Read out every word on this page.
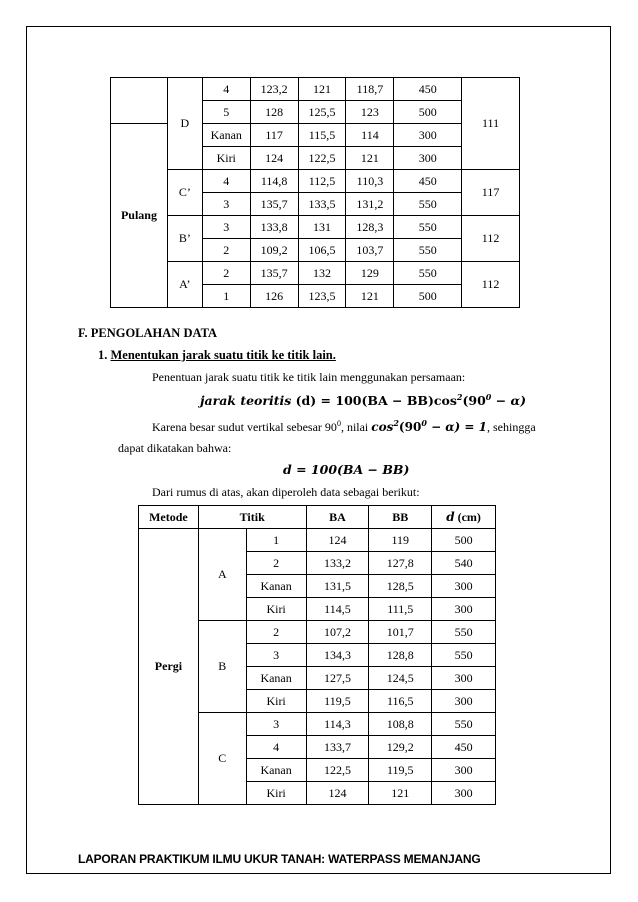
	D	4	123,2	121	118,7	450	111
		5	128	125,5	123	500	
Pulang		Kanan	117	115,5	114	300	
		Kiri	124	122,5	121	300	
	C’	4	114,8	112,5	110,3	450	117
		3	135,7	133,5	131,2	550	
	B’	3	133,8	131	128,3	550	112
		2	109,2	106,5	103,7	550	
	A’	2	135,7	132	129	550	112
		1	126	123,5	121	500	
F. PENGOLAHAN DATA
1. Menentukan jarak suatu titik ke titik lain.
Penentuan jarak suatu titik ke titik lain menggunakan persamaan:
jarak teoritis $(d) = 100(BA - BB)\cos^2(90^0 - \alpha)$
Karena besar sudut vertikal sebesar $90^0$, nilai $\cos^2(90^0 - \alpha) = 1$, sehingga
dapat dikatakan bahwa:
d = 100(BA − BB)
Dari rumus di atas, akan diperoleh data sebagai berikut:
Metode	Titik		BA	BB	d (cm)
Pergi	A	1	124	119	500
		2	133,2	127,8	540
		Kanan	131,5	128,5	300
		Kiri	114,5	111,5	300
	B	2	107,2	101,7	550
		3	134,3	128,8	550
		Kanan	127,5	124,5	300
		Kiri	119,5	116,5	300
	C	3	114,3	108,8	550
		4	133,7	129,2	450
		Kanan	122,5	119,5	300
		Kiri	124	121	300
LAPORAN PRAKTIKUM ILMU UKUR TANAH: WATERPASS MEMANJANG
